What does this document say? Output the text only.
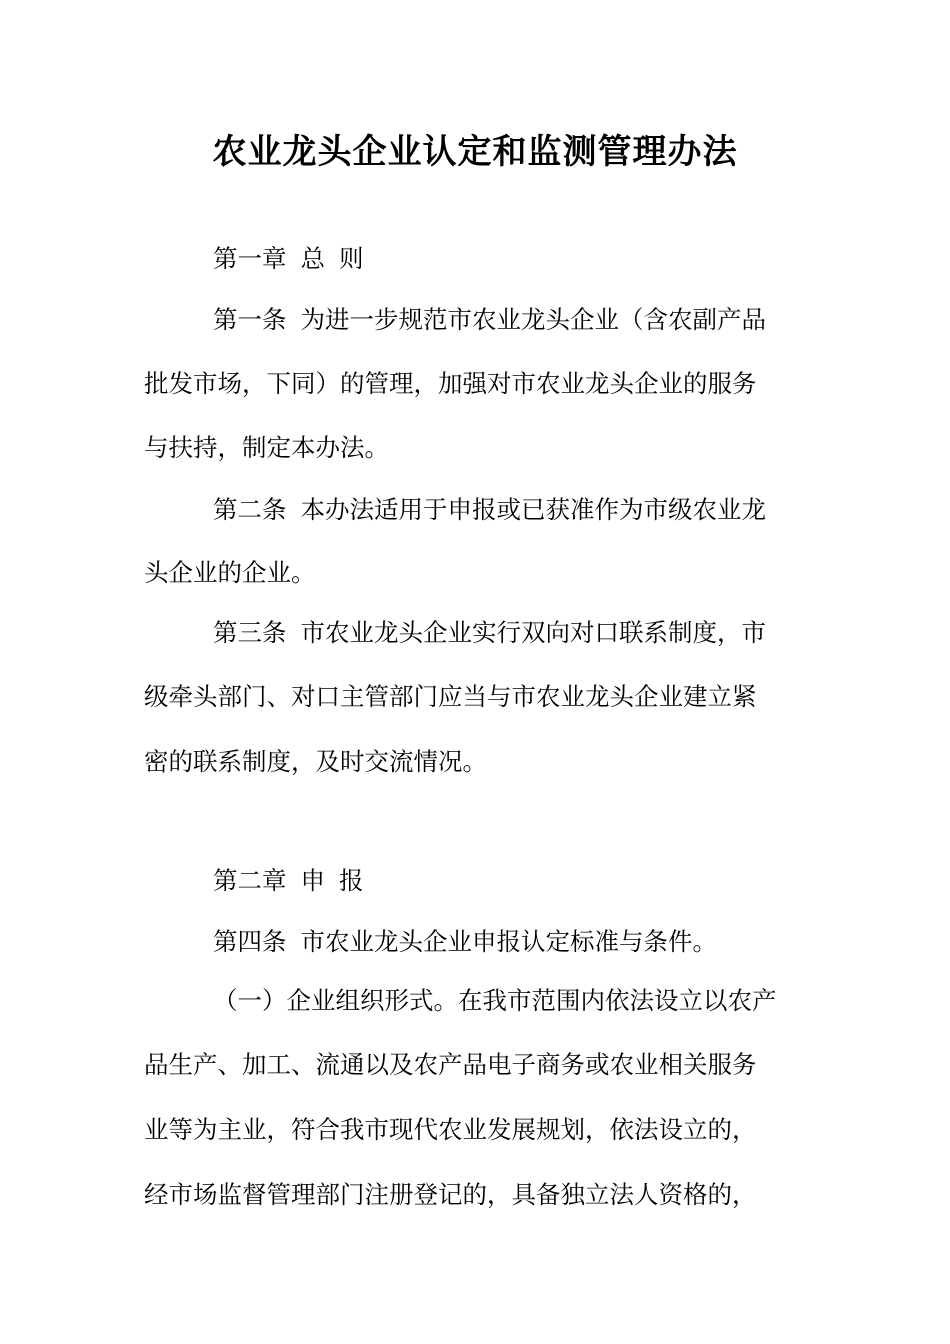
农业龙头企业认定和监测管理办法
第一章 总 则
第一条 为进一步规范市农业龙头企业（含农副产品
批发市场，下同）的管理，加强对市农业龙头企业的服务
与扶持，制定本办法。
第二条 本办法适用于申报或已获准作为市级农业龙
头企业的企业。
第三条 市农业龙头企业实行双向对口联系制度，市
级牵头部门、对口主管部门应当与市农业龙头企业建立紧
密的联系制度，及时交流情况。
第二章 申 报
第四条 市农业龙头企业申报认定标准与条件。
（一）企业组织形式。在我市范围内依法设立以农产
品生产、加工、流通以及农产品电子商务或农业相关服务
业等为主业，符合我市现代农业发展规划，依法设立的，
经市场监督管理部门注册登记的，具备独立法人资格的，
